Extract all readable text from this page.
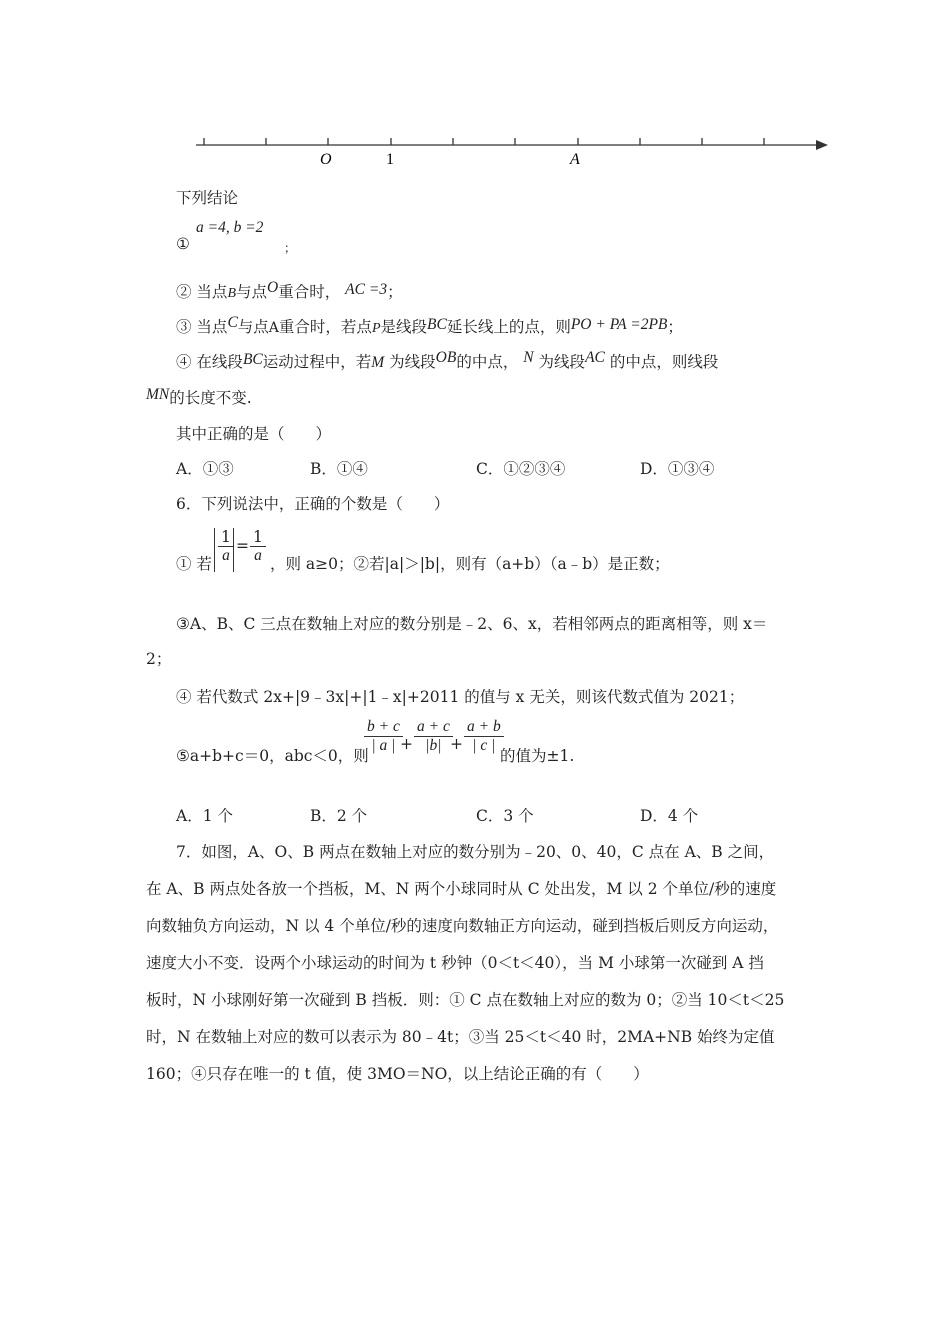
O	1	A
下列结论
①
a =4, b =2
；
② 当点B与点O重合时， AC =3；
③ 当点C与点A重合时，若点P是线段BC延长线上的点，则PO + PA =2PB；
④ 在线段BC运动过程中，若M 为线段OB的中点， N 为线段AC 的中点，则线段
MN的长度不变.
其中正确的是（　　）
A．①③	B．①④	C．①②③④	D．①③④
6．下列说法中，正确的个数是（　　）
① 若 $\frac{1}{a} = \frac{1}{a}$ ，则 a≥0；②若|a|＞|b|，则有（a+b）（a﹣b）是正数；
③A、B、C 三点在数轴上对应的数分别是﹣2、6、x，若相邻两点的距离相等，则 x＝
2；
④ 若代数式 2x+|9﹣3x|+|1﹣x|+2011 的值与 x 无关，则该代数式值为 2021；
⑤a+b+c＝0，abc＜0，则
$\frac{b + c}{| a |}$
+ $\frac{a + c}{|b|}$
+ $\frac{a + b}{| c |}$
的值为±1.
A．1 个	B．2 个	C．3 个	D．4 个
7．如图，A、O、B 两点在数轴上对应的数分别为﹣20、0、40，C 点在 A、B 之间，
在 A、B 两点处各放一个挡板，M、N 两个小球同时从 C 处出发，M 以 2 个单位/秒的速度
向数轴负方向运动，N 以 4 个单位/秒的速度向数轴正方向运动，碰到挡板后则反方向运动，
速度大小不变．设两个小球运动的时间为 t 秒钟（0＜t＜40），当 M 小球第一次碰到 A 挡
板时，N 小球刚好第一次碰到 B 挡板．则：① C 点在数轴上对应的数为 0；②当 10＜t＜25
时，N 在数轴上对应的数可以表示为 80﹣4t；③当 25＜t＜40 时，2MA+NB 始终为定值
160；④只存在唯一的 t 值，使 3MO＝NO，以上结论正确的有（　　）
